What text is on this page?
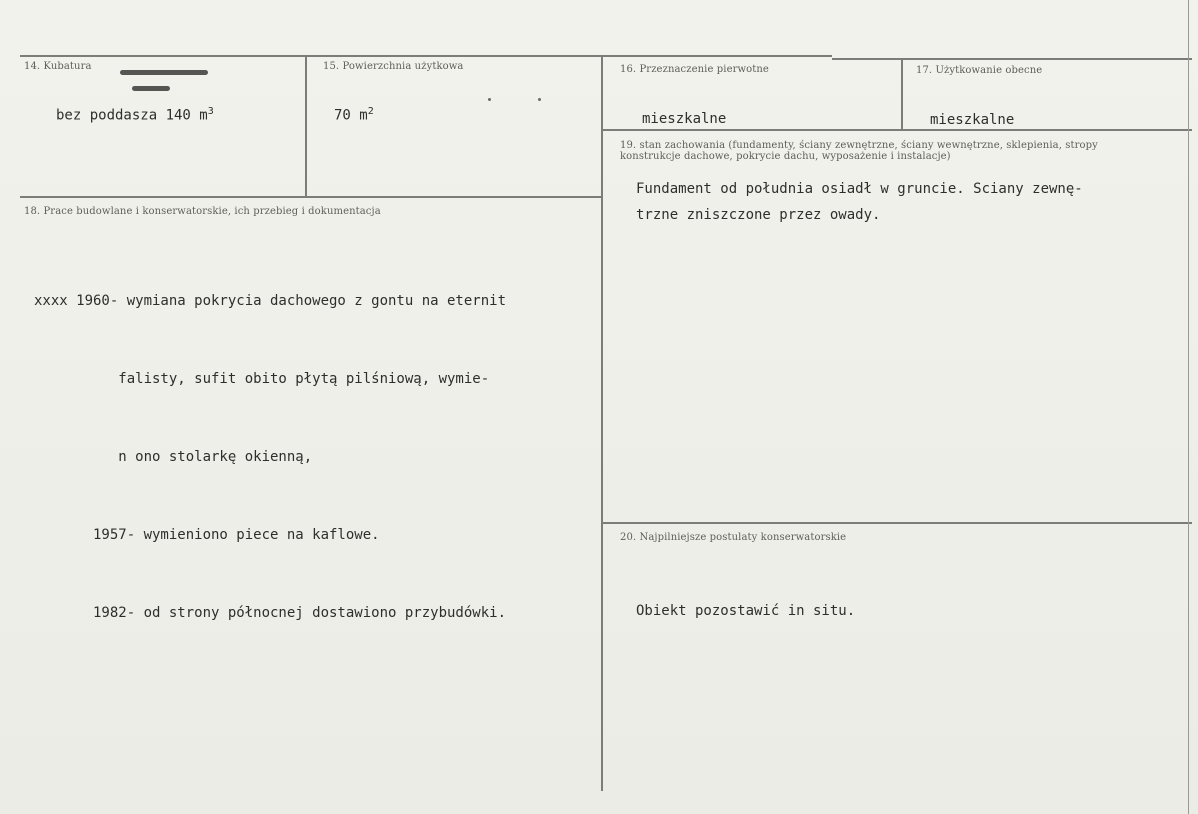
14. Kubatura
bez poddasza 140 $m^3$
15. Powierzchnia użytkowa
70 $m^2$
16. Przeznaczenie pierwotne
mieszkalne
17. Użytkowanie obecne
mieszkalne
19. stan zachowania (fundamenty, ściany zewnętrzne, ściany wewnętrzne, sklepienia, stropy konstrukcje dachowe, pokrycie dachu, wyposażenie i instalacje)
Fundament od południa osiadł w gruncie. Sciany zewnę-
trzne zniszczone przez owady.
18. Prace budowlane i konserwatorskie, ich przebieg i dokumentacja

xxxx 1960- wymiana pokrycia dachowego z gontu na eternit

falisty, sufit obito płytą pilśniową, wymie-

n ono stolarkę okienną,

1957- wymieniono piece na kaflowe.

1982- od strony północnej dostawiono przybudówki.

20. Najpilniejsze postulaty konserwatorskie
Obiekt pozostawić in situ.
